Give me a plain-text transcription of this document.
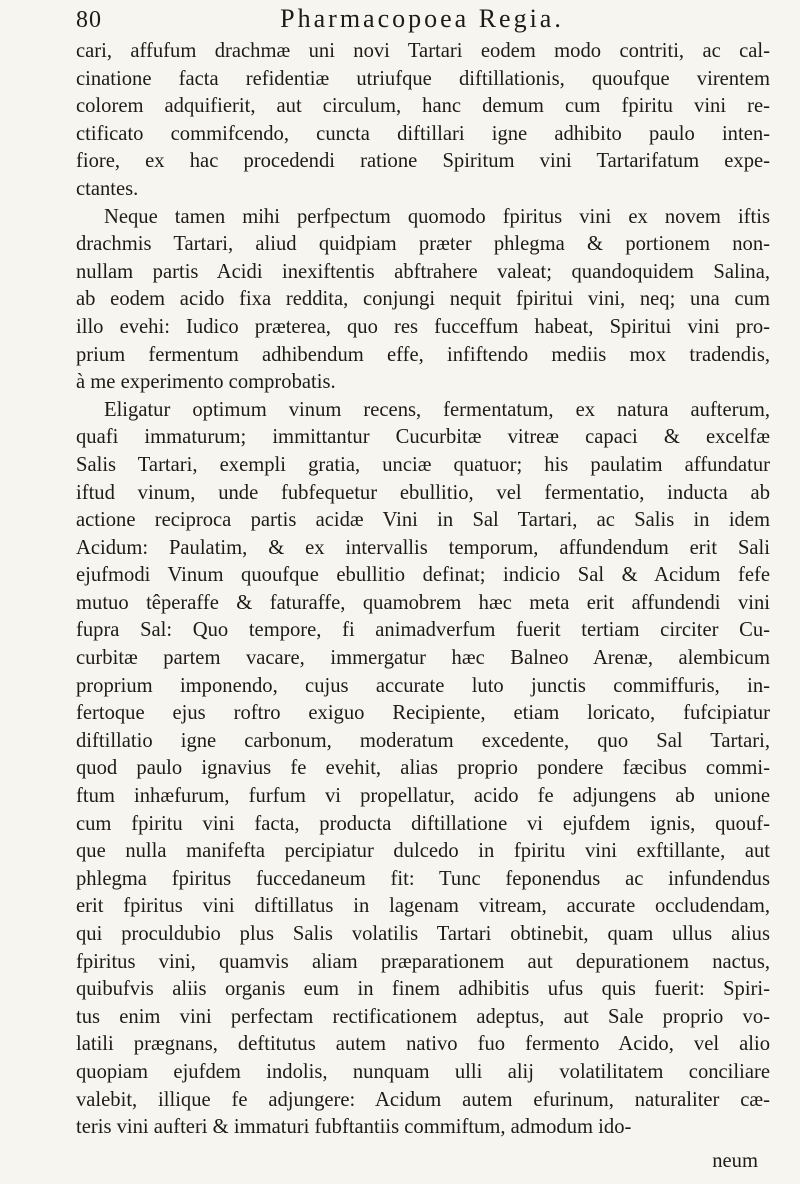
80	Pharmacopoea Regia.

cari, affufum drachmæ uni novi Tartari eodem modo contriti, ac cal-
cinatione facta refidentiæ utriufque diftillationis, quoufque virentem
colorem adquifierit, aut circulum, hanc demum cum fpiritu vini re-
ctificato commifcendo, cuncta diftillari igne adhibito paulo inten-
fiore, ex hac procedendi ratione Spiritum vini Tartarifatum expe-
ctantes.

Neque tamen mihi perfpectum quomodo fpiritus vini ex novem iftis
drachmis Tartari, aliud quidpiam præter phlegma & portionem non-
nullam partis Acidi inexiftentis abftrahere valeat; quandoquidem Salina,
ab eodem acido fixa reddita, conjungi nequit fpiritui vini, neq; una cum
illo evehi: Iudico præterea, quo res fucceffum habeat, Spiritui vini pro-
prium fermentum adhibendum effe, infiftendo mediis mox tradendis,
à me experimento comprobatis.

Eligatur optimum vinum recens, fermentatum, ex natura aufterum,
quafi immaturum; immittantur Cucurbitæ vitreæ capaci & excelfæ
Salis Tartari, exempli gratia, unciæ quatuor; his paulatim affundatur
iftud vinum, unde fubfequetur ebullitio, vel fermentatio, inducta ab
actione reciproca partis acidæ Vini in Sal Tartari, ac Salis in idem
Acidum: Paulatim, & ex intervallis temporum, affundendum erit Sali
ejufmodi Vinum quoufque ebullitio definat; indicio Sal & Acidum fefe
mutuo têperaffe & faturaffe, quamobrem hæc meta erit affundendi vini
fupra Sal: Quo tempore, fi animadverfum fuerit tertiam circiter Cu-
curbitæ partem vacare, immergatur hæc Balneo Arenæ, alembicum
proprium imponendo, cujus accurate luto junctis commiffuris, in-
fertoque ejus roftro exiguo Recipiente, etiam loricato, fufcipiatur
diftillatio igne carbonum, moderatum excedente, quo Sal Tartari,
quod paulo ignavius fe evehit, alias proprio pondere fæcibus commi-
ftum inhæfurum, furfum vi propellatur, acido fe adjungens ab unione
cum fpiritu vini facta, producta diftillatione vi ejufdem ignis, quouf-
que nulla manifefta percipiatur dulcedo in fpiritu vini exftillante, aut
phlegma fpiritus fuccedaneum fit: Tunc feponendus ac infundendus
erit fpiritus vini diftillatus in lagenam vitream, accurate occludendam,
qui proculdubio plus Salis volatilis Tartari obtinebit, quam ullus alius
fpiritus vini, quamvis aliam præparationem aut depurationem nactus,
quibufvis aliis organis eum in finem adhibitis ufus quis fuerit: Spiri-
tus enim vini perfectam rectificationem adeptus, aut Sale proprio vo-
latili prægnans, deftitutus autem nativo fuo fermento Acido, vel alio
quopiam ejufdem indolis, nunquam ulli alij volatilitatem conciliare
valebit, illique fe adjungere: Acidum autem efurinum, naturaliter cæ-
teris vini aufteri & immaturi fubftantiis commiftum, admodum ido-

neum
